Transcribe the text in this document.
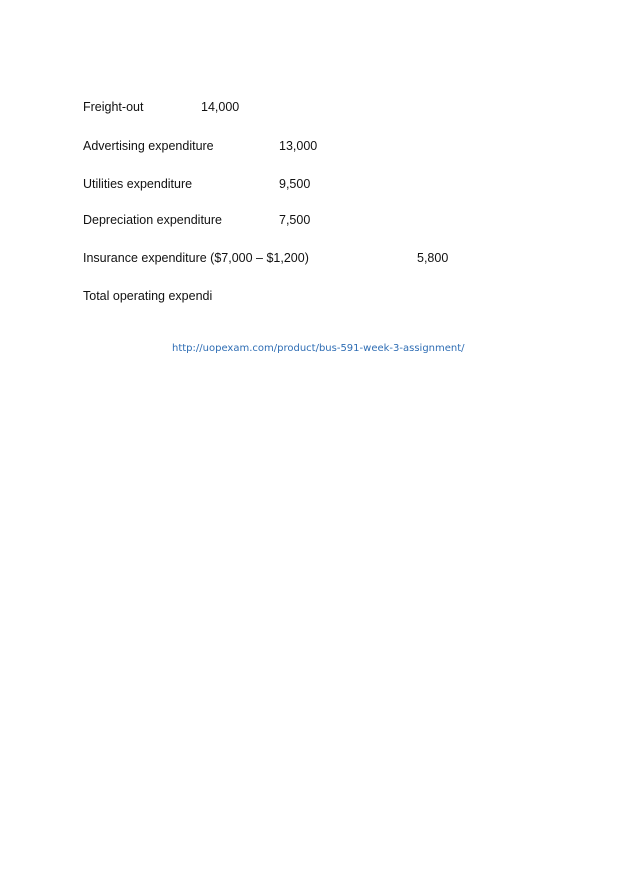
Freight-out	14,000
Advertising expenditure	13,000
Utilities expenditure	9,500
Depreciation expenditure	7,500
Insurance expenditure ($7,000 – $1,200)	5,800
Total operating expendi
http://uopexam.com/product/bus-591-week-3-assignment/
